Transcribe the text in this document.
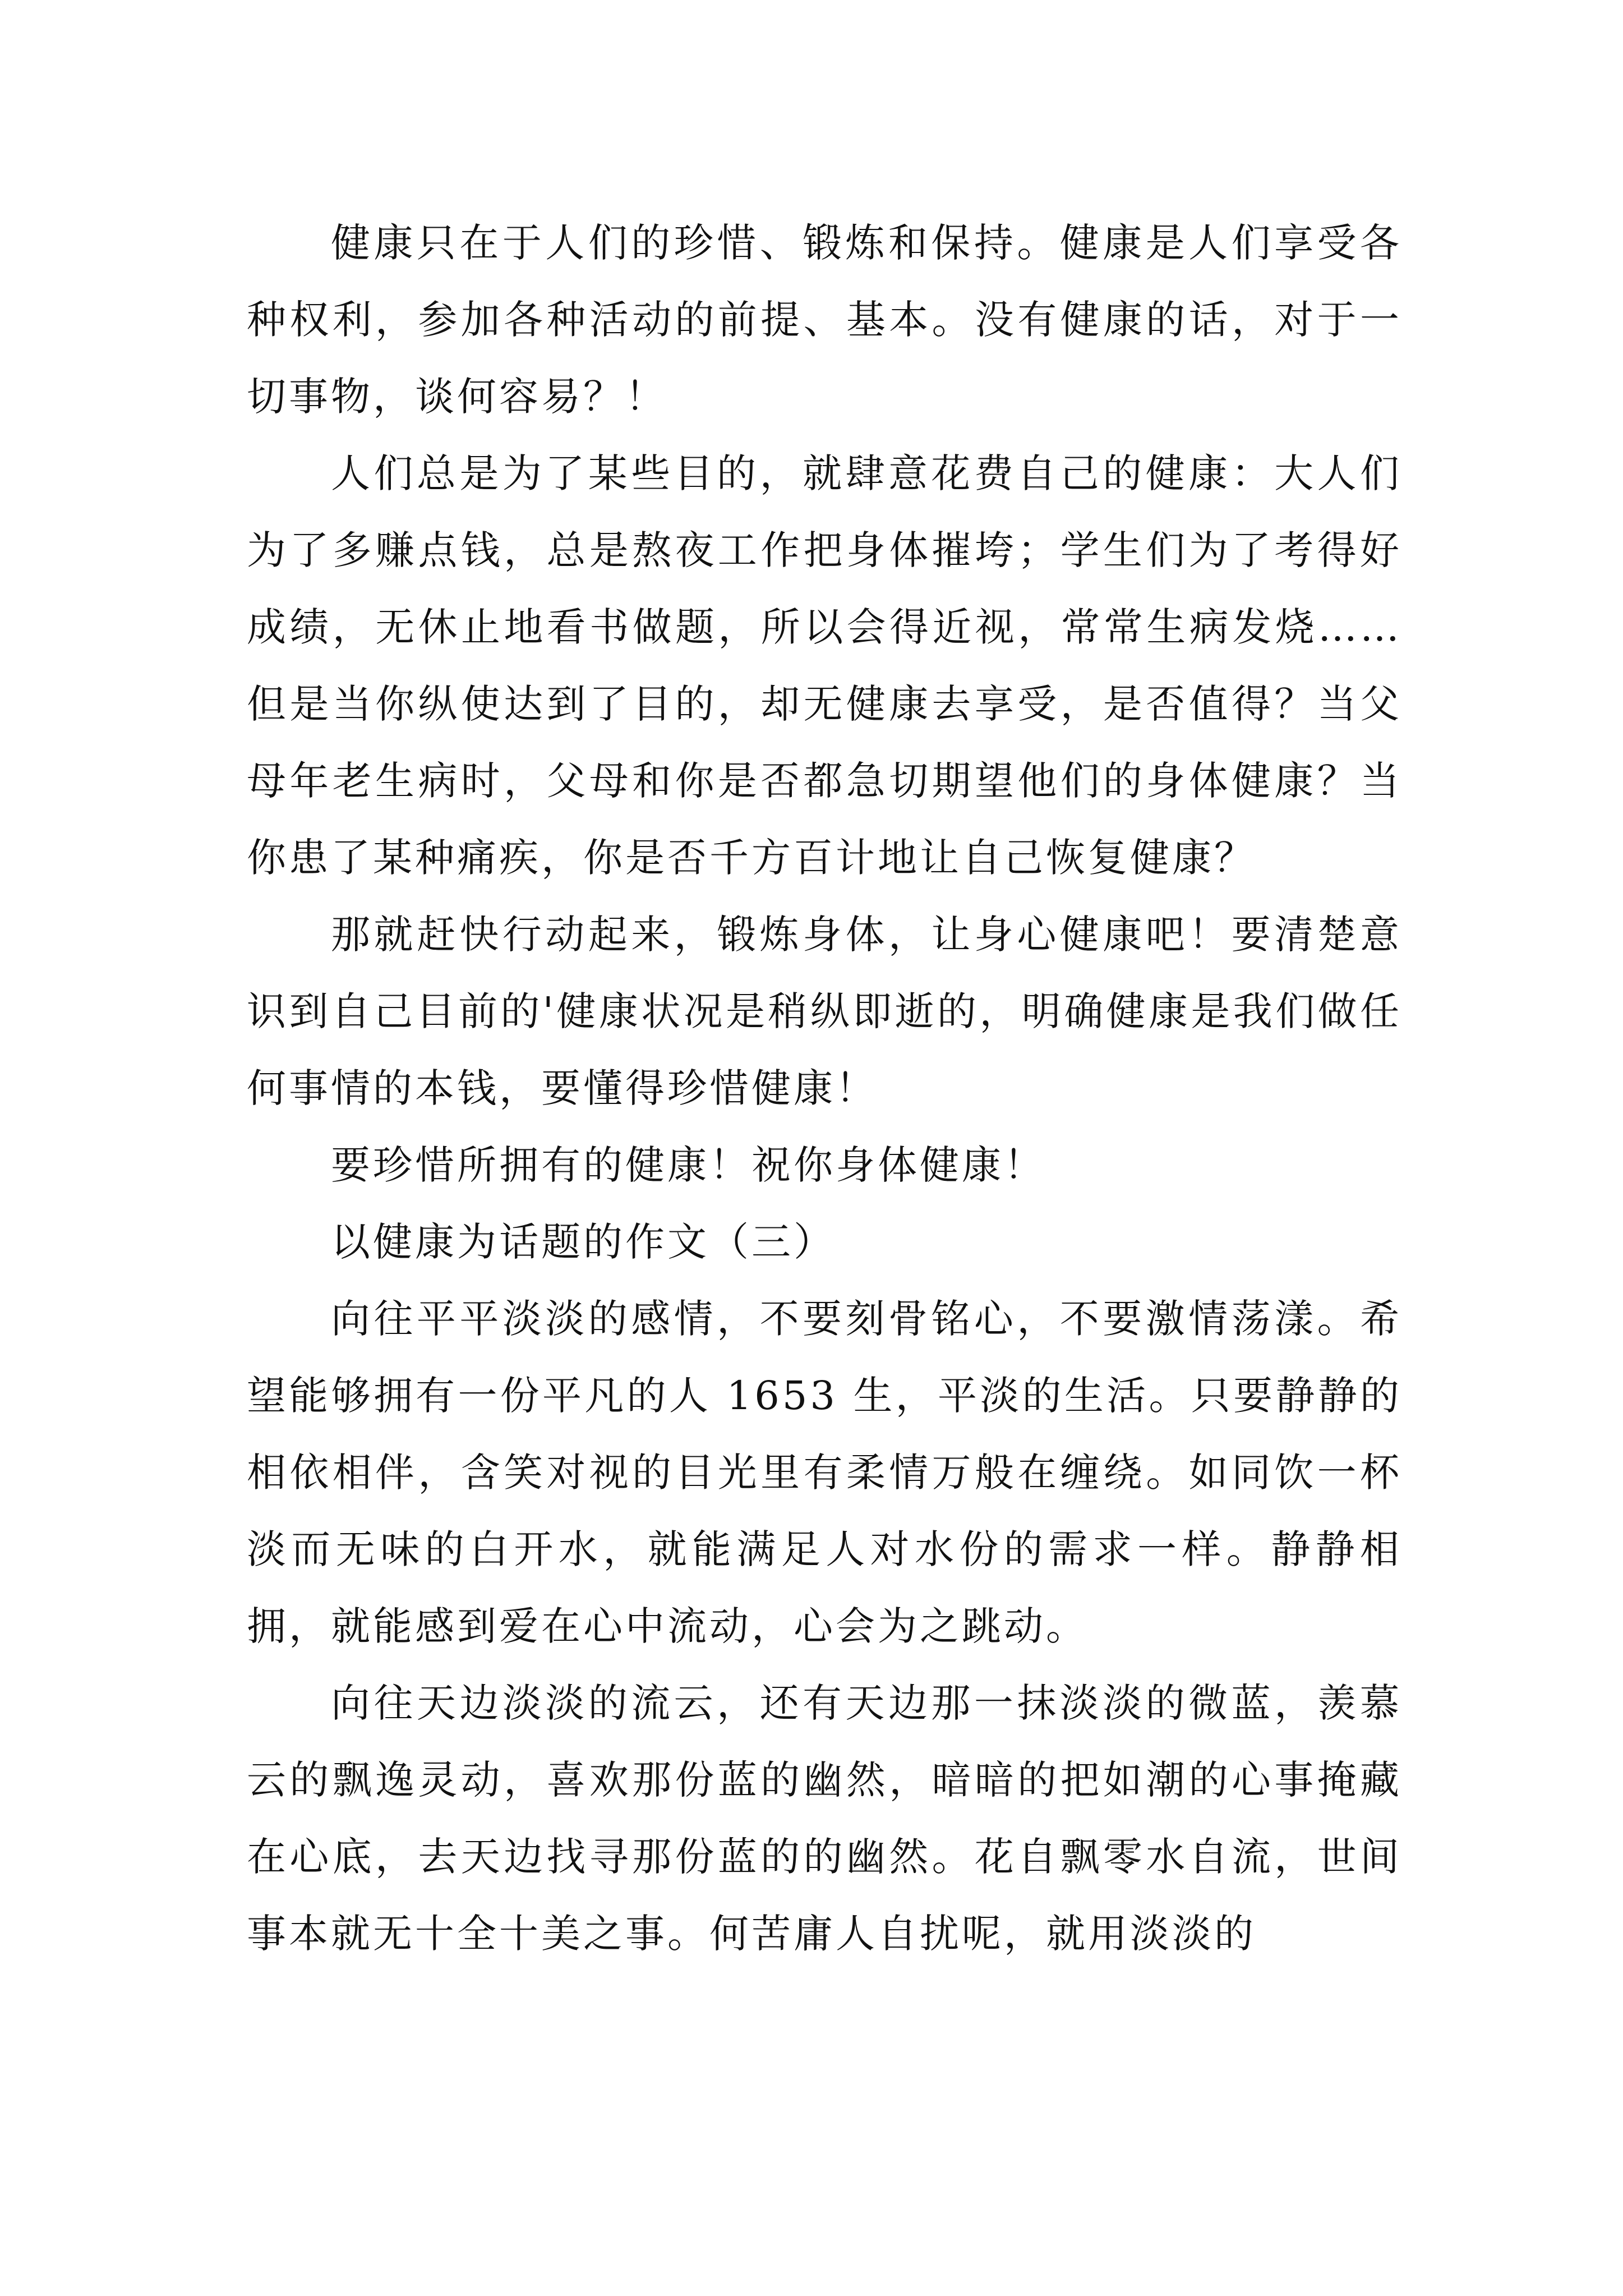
健康只在于人们的珍惜、锻炼和保持。健康是人们享受各种权利，参加各种活动的前提、基本。没有健康的话，对于一切事物，谈何容易？！

人们总是为了某些目的，就肆意花费自己的健康：大人们为了多赚点钱，总是熬夜工作把身体摧垮；学生们为了考得好成绩，无休止地看书做题，所以会得近视，常常生病发烧……但是当你纵使达到了目的，却无健康去享受，是否值得？当父母年老生病时，父母和你是否都急切期望他们的身体健康？当你患了某种痛疾，你是否千方百计地让自己恢复健康？

那就赶快行动起来，锻炼身体，让身心健康吧！要清楚意识到自己目前的'健康状况是稍纵即逝的，明确健康是我们做任何事情的本钱，要懂得珍惜健康！

要珍惜所拥有的健康！祝你身体健康！

以健康为话题的作文（三）

向往平平淡淡的感情，不要刻骨铭心，不要激情荡漾。希望能够拥有一份平凡的人 1653 生，平淡的生活。只要静静的相依相伴，含笑对视的目光里有柔情万般在缠绕。如同饮一杯淡而无味的白开水，就能满足人对水份的需求一样。静静相拥，就能感到爱在心中流动，心会为之跳动。

向往天边淡淡的流云，还有天边那一抹淡淡的微蓝，羡慕云的飘逸灵动，喜欢那份蓝的幽然，暗暗的把如潮的心事掩藏在心底，去天边找寻那份蓝的的幽然。花自飘零水自流，世间事本就无十全十美之事。何苦庸人自扰呢，就用淡淡的
